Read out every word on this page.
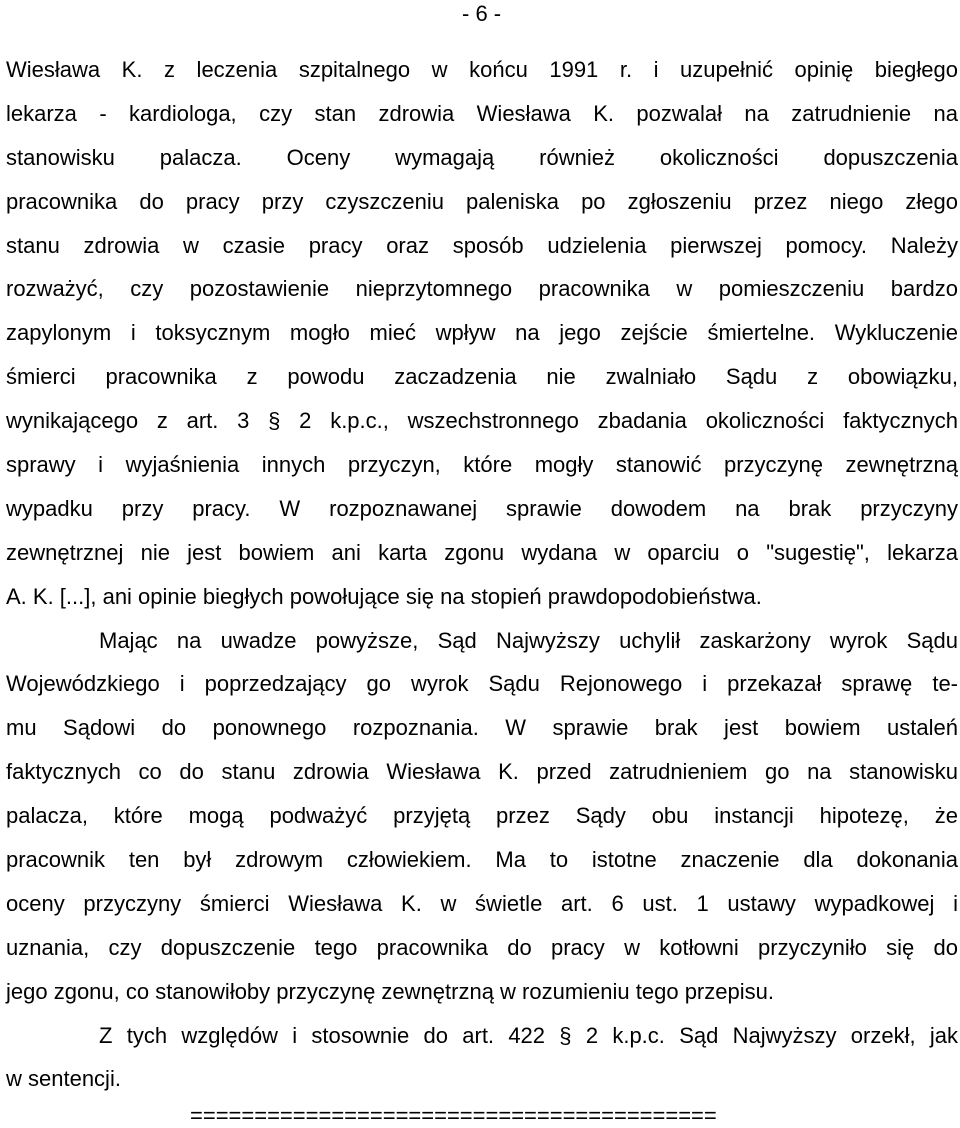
- 6 -
Wiesława K. z leczenia szpitalnego w końcu 1991 r. i uzupełnić opinię biegłego
lekarza - kardiologa, czy stan zdrowia Wiesława K. pozwalał na zatrudnienie na
stanowisku palacza. Oceny wymagają również okoliczności dopuszczenia
pracownika do pracy przy czyszczeniu paleniska po zgłoszeniu przez niego złego
stanu zdrowia w czasie pracy oraz sposób udzielenia pierwszej pomocy. Należy
rozważyć, czy pozostawienie nieprzytomnego pracownika w pomieszczeniu bardzo
zapylonym i toksycznym mogło mieć wpływ na jego zejście śmiertelne. Wykluczenie
śmierci pracownika z powodu zaczadzenia nie zwalniało Sądu z obowiązku,
wynikającego z art. 3 § 2 k.p.c., wszechstronnego zbadania okoliczności faktycznych
sprawy i wyjaśnienia innych przyczyn, które mogły stanowić przyczynę zewnętrzną
wypadku przy pracy. W rozpoznawanej sprawie dowodem na brak przyczyny
zewnętrznej nie jest bowiem ani karta zgonu wydana w oparciu o "sugestię", lekarza
A. K. [...], ani opinie biegłych powołujące się na stopień prawdopodobieństwa.
Mając na uwadze powyższe, Sąd Najwyższy uchylił zaskarżony wyrok Sądu
Wojewódzkiego i poprzedzający go wyrok Sądu Rejonowego i przekazał sprawę te-
mu Sądowi do ponownego rozpoznania. W sprawie brak jest bowiem ustaleń
faktycznych co do stanu zdrowia Wiesława K. przed zatrudnieniem go na stanowisku
palacza, które mogą podważyć przyjętą przez Sądy obu instancji hipotezę, że
pracownik ten był zdrowym człowiekiem. Ma to istotne znaczenie dla dokonania
oceny przyczyny śmierci Wiesława K. w świetle art. 6 ust. 1 ustawy wypadkowej i
uznania, czy dopuszczenie tego pracownika do pracy w kotłowni przyczyniło się do
jego zgonu, co stanowiłoby przyczynę zewnętrzną w rozumieniu tego przepisu.
Z tych względów i stosownie do art. 422 § 2 k.p.c. Sąd Najwyższy orzekł, jak
w sentencji.
=========================================
